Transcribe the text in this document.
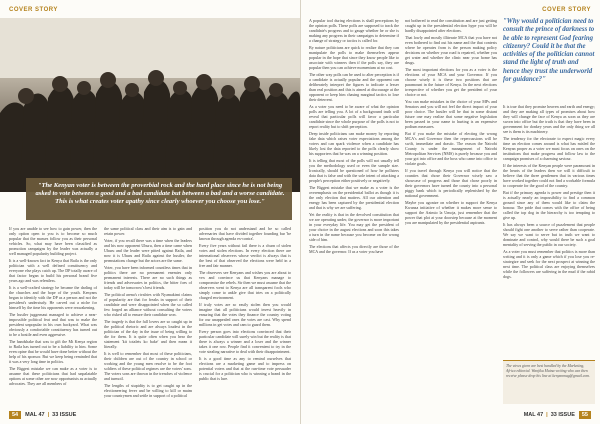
COVER STORY
"The Kenyan voter is between the proverbial rock and the hard place since he is not being asked to vote between a good and a bad candidate but between a bad and a worse candidate. This is what creates voter apathy since clearly whoever you choose you lose."

If you are unable to see how to gain power, then the only option open to you is to become so much popular that the masses follow you as their personal vehicles. So, what may have been classified as promotion campaigns by the leader was actually a well managed popularity building project.

It is a well-known fact in Kenya that Raila is the only politician with a well defined constituency and everyone else plays catch up. The DP totally aware of that factor began to build his personal brand five years ago and was relentless.

It is a well-crafted strategy he became the darling of the churches and the hope of the youth. Kenyans began to identify with the DP as a person and not the president's understudy. He carved out a niche for himself by the time his opponents were reawakening.

The hustler juggernaut managed to achieve a near-impossible political feat and that was to make the president unpopular in his own backyard. What was obviously a comfortable constituency has turned out to be a hostile and even aggressive.

The handshake that was to gift the Mt Kenya region to Raila has turned out to be a liability to him. Some even opine that he would have done better without the help of his sponsor. But we keep being reminded that it was a very long time in politics.

The Biggest mistake we can make as a voter is to assume that these politicians that had unpalatable options at some other are now opportunists as actually advocates. They are all members of

the same political class and their aim is to gain and retain power.

Voter, if you recall there was a time when the leaders and his now opponent Uhuru, then a time came when Uhuru and the leader were pitted against Raila, and now it is Uhuru and Raila against the hustler, the permutations change but the actors are the same.

Voter, you have been informed countless times that in politics there are no permanent enemies only permanent interests. There are no such things as friends and adversaries in politics, the bitter foes of today will be tomorrow's best friends.

The political arena's rivalries with Nyamakimi claims of popularity are that for freaks in support of their candidate and were disappointed when the so called few forged an alliance without consulting the voters who risked all to ensure their candidate won.

The tragedy is that the fall lovers are so caught up in the political rhetoric and are always loudest in the politician of the day in the issue of being willing to die for them. It is quite often when you hear the statement 'kit totalets ko bake' and then mean it literally.

It is well to remember that most of these politicians, their children are out of the country in school or working and the young men resolve to be the foot soldiers of these political regimes are the voters' sons. The voters sons are thrown in the trenches of violence and turmoil.

The lengths of stupidity is to get caught up in the electioneering fever and be willing to kill or maim your countrymen and settle in support of a political

position you do not understand and be so called adversaries that have divided together founding bar 'be known through agenda ex-contra'.

Every five years without fail there is a churn of stolen votes and stolen elections. In every election there are international observers whose verdict is always that is the best of that observed the elections were held in a free and fair manner.

The observers see Kenyans and wishes you are about to vex and convince us that Kenyans manage to compromise the rebels. Sir then we must assume that the observers went to Kenya are all transparent fools who simply come to ankle give that tries on a politically charged environment.

If truly votes are so easily stolen then you would imagine that all politicians would invest heavily in ensuring that the votes they finance the country voting for our unappealed ones the votes are cast. Why spend millions in get votes and cam to guard them.

Every person goes into elections convinced that their particular candidate will surely win but the reality is that there is always a winner and a loser and the winner takes it one row. People find it convenient to try in the vote stealing narrative to deal with their disappointment.

It is a good time as any to remind ourselves that elections are a marketing game and to impress on potential voters and that at the run-time vote persuader is crucial for a politician who is winning a brand in the public that is lure.

54 MAL 47 | 33 ISSUE
COVER STORY

A popular tool during elections is shall perceptions by the opinion polls. These polls are supposed to track the candidate's progress and to gauge whether he or she is making any progress in their campaigns to determine if a change of strategy or tactics is called for.

By nature politicians are quick to realize that they can manipulate the polls to make themselves appear popular in the hope that since they know people like to associate with winners then if the polls say, they are popular then you can achieve momentum at no cost.

The other way polls can be used to alter perception is if a candidate is actually popular and the opponent can deliberately interpret the figures to indicate a lesser than real position and this is aimed at discourage at the opponent or keep him chasing marginal tactics to lose their deterrent.

As a voter you need to be aware of what the opinion polls are telling you. A lot of a background truth will reveal that particular polls will favor a particular candidate since the whole purpose of the polls is not to report reality but to shift perception.

Deep inside politicians can make money by reporting fake data which raises voter expectations among the voters and can spark violence when a candidate has likely lost the data reported to the polls clearly show his supporters that he was on a winning position.

It is telling that most of the polls will not usually tell you the methodology used or even the sample size. Ironically, should be questioned of how he pollsters data that is false and with the sole intent of attacking a people's perception either positively or negatively.

The Biggest mistake that we make as a voter is the overemphasis on the presidential ballot as though it is the only election that matters. All our attention and energy has been captured by the presidential election and that is why we are suffering.

Yet the reality is that in the devolved constitution that we are operating under, the governor is more important in your everyday life. You may get the president of your choice in the august elections and soon this takes a turn in the name because you become on the wrong side of him.

The elections that affects you directly are those of the MCA and the governor. If as a voter you have

not bothered to read the constitution and are just getting caught up in the presidential election hype you will be hardly disappointed after elections.

That lowly and mostly illiterate MCA that you have not even bothered to find out his name and the that contests where he operates from is the person making policy decisions on whether your road is repaired, whether you get water and whether the clinic near your home has drugs.

The most important elections for you as a voter is the elections of your MCA and your Governor. If you choose wisely it is these two positions that are paramount in the future of Kenya. In the next elections irrespective of whether you get the president of your choice or not.

You can make mistakes in the choice of your MPs and Senators and you will not feel the direct impact of your poor choice. The hustler will be that in some distant future one may realize that some negative legislation been passed in your name to hurting is an expensive podium measures.

But if you make the mistake of electing the wrong MCA's and Governor then the repercussions will be swift, immediate and drastic. The reason the Nairobi County is under the management of Nairobi Metropolitan Services (NMS) is purely because you and your got into office and the boss who came into office to violate goals.

If you travel through Kenya you will notice that the counties that chose their Governor wisely saw a showcase of progress and those that chose poorly in their governors have turned the county into a personal piggy bank which is periodically replenished by the national government.

Maybe you agonize on whether to support the Kenya Kwanza initiative of whether it makes more sense to support the Azimio la Umoja, just remember that the power that plot at your doorstep because at the moment you are manipulated by the presidential aspirants.

"Why would a politician need to consult the prince of darkness to be able to represent God fearing citizenry? Could it be that the activities of the politician cannot stand the light of truth and hence they trust the underworld for guidance?"

It is true that they promise heaven and earth and energy; and they are making all types of promises about how they will change the face of Kenya as soon as they are sworn into office but the truth is that they have been in government for donkey years and the only thing we all see is them is its machinery.

The tendency for the electorate to expect magic every time an election comes around is what has misled the Kenyan proper as a voter we must focus on ones on the institutions that make progress and follow law to the campaign promises of a charming saviour.

If the interests of the Kenyan people were paramount in the hearts of the leaders then we will it difficult to believe that the three gentlemen that in various times have worked together could not find a workable formula to cooperate for the good of the country.

But if the primary agenda is power and prestige then it is actually nearly an impossibility to find a common ground since any of them would like to claim the honour. The pride that comes with the office of being called the top dog in the hierarchy is too tempting to give up.

It has always been a source of puzzlement that people should fight one another to serve rather than cooperate. We say we want to serve but in truth we want to dominate and control, why would there be such a goal mentality of serving the public in our society.

As a voter you must remember that politics is more than writing and it is only a game which if you lose you re-strategize and seek for the next prospect at winning the next time. The political class are enjoying themselves while the followers are suffering in the mud if the rabid dogs.

The views given are best handled by the Marketing, Africa editorial. Wanjiku Maina writing who can then receive please drop his line at kenyanmag@gmail.com.
MAL 47 | 33 ISSUE 55
